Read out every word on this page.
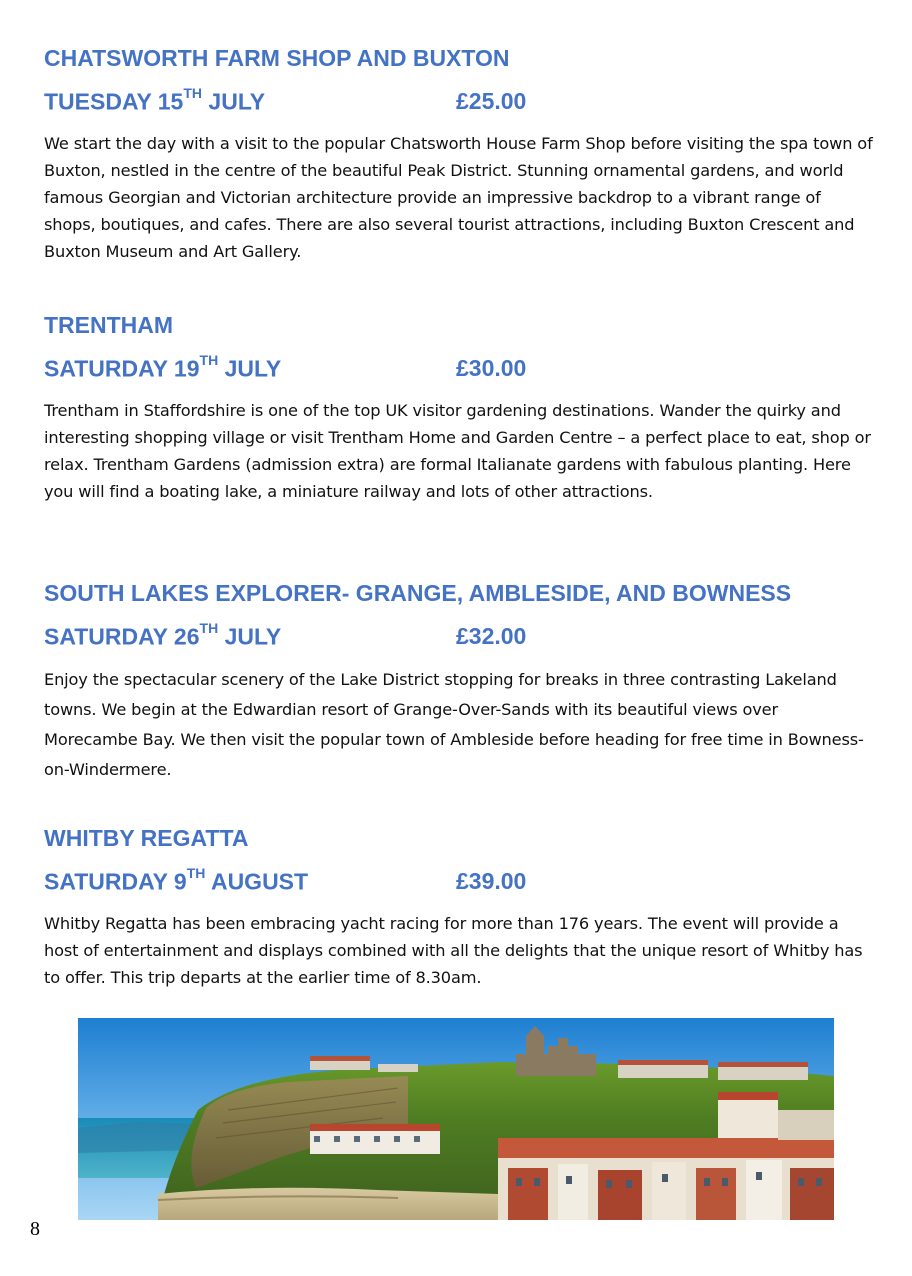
CHATSWORTH FARM SHOP AND BUXTON
TUESDAY 15TH JULY	£25.00

We start the day with a visit to the popular Chatsworth House Farm Shop before visiting the spa town of Buxton, nestled in the centre of the beautiful Peak District. Stunning ornamental gardens, and world famous Georgian and Victorian architecture provide an impressive backdrop to a vibrant range of shops, boutiques, and cafes. There are also several tourist attractions, including Buxton Crescent and Buxton Museum and Art Gallery.

TRENTHAM
SATURDAY 19TH JULY	£30.00

Trentham in Staffordshire is one of the top UK visitor gardening destinations. Wander the quirky and interesting shopping village or visit Trentham Home and Garden Centre – a perfect place to eat, shop or relax. Trentham Gardens (admission extra) are formal Italianate gardens with fabulous planting. Here you will find a boating lake, a miniature railway and lots of other attractions.

SOUTH LAKES EXPLORER- GRANGE, AMBLESIDE, AND BOWNESS
SATURDAY 26TH JULY	£32.00

Enjoy the spectacular scenery of the Lake District stopping for breaks in three contrasting Lakeland towns. We begin at the Edwardian resort of Grange-Over-Sands with its beautiful views over Morecambe Bay. We then visit the popular town of Ambleside before heading for free time in Bowness-on-Windermere.

WHITBY REGATTA
SATURDAY 9TH AUGUST	£39.00

Whitby Regatta has been embracing yacht racing for more than 176 years. The event will provide a host of entertainment and displays combined with all the delights that the unique resort of Whitby has to offer. This trip departs at the earlier time of 8.30am.

8
